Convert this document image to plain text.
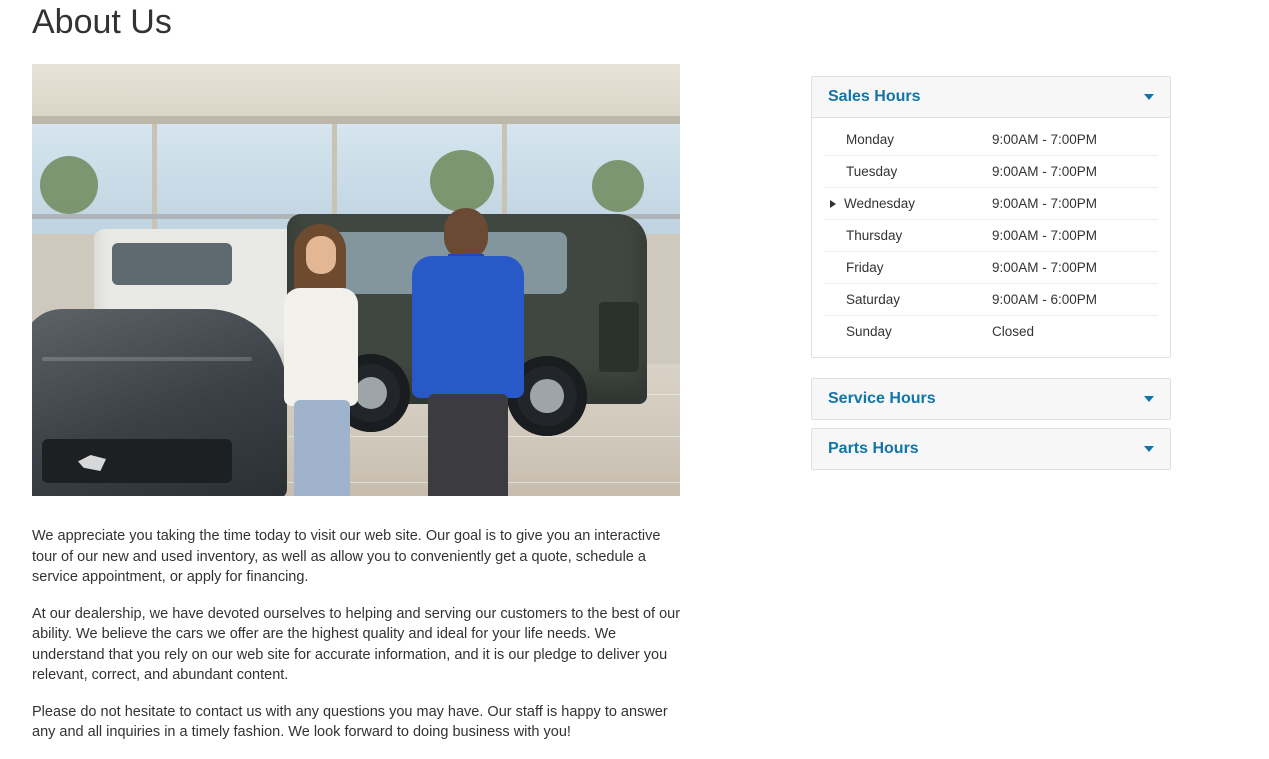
About Us

We appreciate you taking the time today to visit our web site. Our goal is to give you an interactive tour of our new and used inventory, as well as allow you to conveniently get a quote, schedule a service appointment, or apply for financing.

At our dealership, we have devoted ourselves to helping and serving our customers to the best of our ability. We believe the cars we offer are the highest quality and ideal for your life needs. We understand that you rely on our web site for accurate information, and it is our pledge to deliver you relevant, correct, and abundant content.

Please do not hesitate to contact us with any questions you may have. Our staff is happy to answer any and all inquiries in a timely fashion. We look forward to doing business with you!

Sales Hours
Monday	9:00AM - 7:00PM
Tuesday	9:00AM - 7:00PM
Wednesday	9:00AM - 7:00PM
Thursday	9:00AM - 7:00PM
Friday	9:00AM - 7:00PM
Saturday	9:00AM - 6:00PM
Sunday	Closed
Service Hours
Parts Hours
